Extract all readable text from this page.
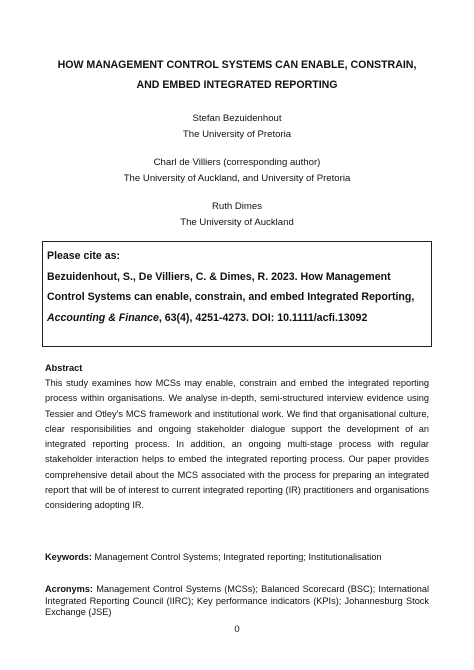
HOW MANAGEMENT CONTROL SYSTEMS CAN ENABLE, CONSTRAIN,
AND EMBED INTEGRATED REPORTING
Stefan Bezuidenhout
The University of Pretoria
Charl de Villiers (corresponding author)
The University of Auckland, and University of Pretoria
Ruth Dimes
The University of Auckland
Please cite as:
Bezuidenhout, S., De Villiers, C. & Dimes, R. 2023. How Management Control Systems can enable, constrain, and embed Integrated Reporting, Accounting & Finance, 63(4), 4251-4273. DOI: 10.1111/acfi.13092
Abstract
This study examines how MCSs may enable, constrain and embed the integrated reporting process within organisations. We analyse in-depth, semi-structured interview evidence using Tessier and Otley’s MCS framework and institutional work. We find that organisational culture, clear responsibilities and ongoing stakeholder dialogue support the development of an integrated reporting process. In addition, an ongoing multi-stage process with regular stakeholder interaction helps to embed the integrated reporting process. Our paper provides comprehensive detail about the MCS associated with the process for preparing an integrated report that will be of interest to current integrated reporting (IR) practitioners and organisations considering adopting IR.
Keywords: Management Control Systems; Integrated reporting; Institutionalisation
Acronyms: Management Control Systems (MCSs); Balanced Scorecard (BSC); International Integrated Reporting Council (IIRC); Key performance indicators (KPIs); Johannesburg Stock Exchange (JSE)
0
